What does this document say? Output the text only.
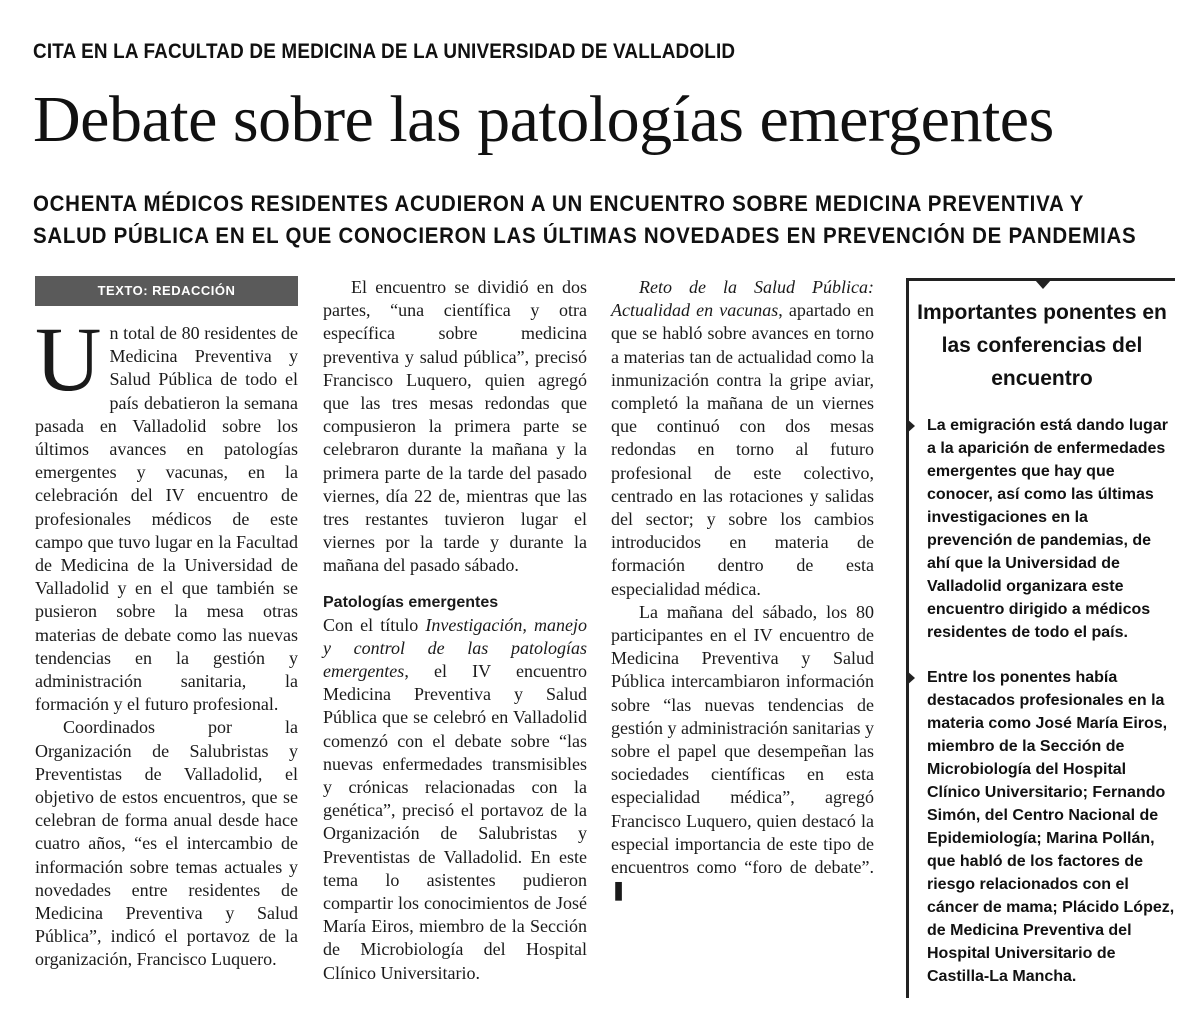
CITA EN LA FACULTAD DE MEDICINA DE LA UNIVERSIDAD DE VALLADOLID
Debate sobre las patologías emergentes
OCHENTA MÉDICOS RESIDENTES ACUDIERON A UN ENCUENTRO SOBRE MEDICINA PREVENTIVA Y
SALUD PÚBLICA EN EL QUE CONOCIERON LAS ÚLTIMAS NOVEDADES EN PREVENCIÓN DE PANDEMIAS
TEXTO: REDACCIÓN

Un total de 80 residentes de Medicina Preventiva y Salud Pública de todo el país debatieron la semana pasada en Valladolid sobre los últimos avances en patologías emergentes y vacunas, en la celebración del IV encuentro de profesionales médicos de este campo que tuvo lugar en la Facultad de Medicina de la Universidad de Valladolid y en el que también se pusieron sobre la mesa otras materias de debate como las nuevas tendencias en la gestión y administración sanitaria, la formación y el futuro profesional.

Coordinados por la Organización de Salubristas y Preventistas de Valladolid, el objetivo de estos encuentros, que se celebran de forma anual desde hace cuatro años, “es el intercambio de información sobre temas actuales y novedades entre residentes de Medicina Preventiva y Salud Pública”, indicó el portavoz de la organización, Francisco Luquero.

El encuentro se dividió en dos partes, “una científica y otra específica sobre medicina preventiva y salud pública”, precisó Francisco Luquero, quien agregó que las tres mesas redondas que compusieron la primera parte se celebraron durante la mañana y la primera parte de la tarde del pasado viernes, día 22 de, mientras que las tres restantes tuvieron lugar el viernes por la tarde y durante la mañana del pasado sábado.

Patologías emergentes

Con el título Investigación, manejo y control de las patologías emergentes, el IV encuentro Medicina Preventiva y Salud Pública que se celebró en Valladolid comenzó con el debate sobre “las nuevas enfermedades transmisibles y crónicas relacionadas con la genética”, precisó el portavoz de la Organización de Salubristas y Preventistas de Valladolid. En este tema lo asistentes pudieron compartir los conocimientos de José María Eiros, miembro de la Sección de Microbiología del Hospital Clínico Universitario.

Reto de la Salud Pública: Actualidad en vacunas, apartado en que se habló sobre avances en torno a materias tan de actualidad como la inmunización contra la gripe aviar, completó la mañana de un viernes que continuó con dos mesas redondas en torno al futuro profesional de este colectivo, centrado en las rotaciones y salidas del sector; y sobre los cambios introducidos en materia de formación dentro de esta especialidad médica.

La mañana del sábado, los 80 participantes en el IV encuentro de Medicina Preventiva y Salud Pública intercambiaron información sobre “las nuevas tendencias de gestión y administración sanitarias y sobre el papel que desempeñan las sociedades científicas en esta especialidad médica”, agregó Francisco Luquero, quien destacó la especial importancia de este tipo de encuentros como “foro de debate”. ❚

Importantes ponentes en las conferencias del encuentro
La emigración está dando lugar a la aparición de enfermedades emergentes que hay que conocer, así como las últimas investigaciones en la prevención de pandemias, de ahí que la Universidad de Valladolid organizara este encuentro dirigido a médicos residentes de todo el país.
Entre los ponentes había destacados profesionales en la materia como José María Eiros, miembro de la Sección de Microbiología del Hospital Clínico Universitario; Fernando Simón, del Centro Nacional de Epidemiología; Marina Pollán, que habló de los factores de riesgo relacionados con el cáncer de mama; Plácido López, de Medicina Preventiva del Hospital Universitario de Castilla-La Mancha.
